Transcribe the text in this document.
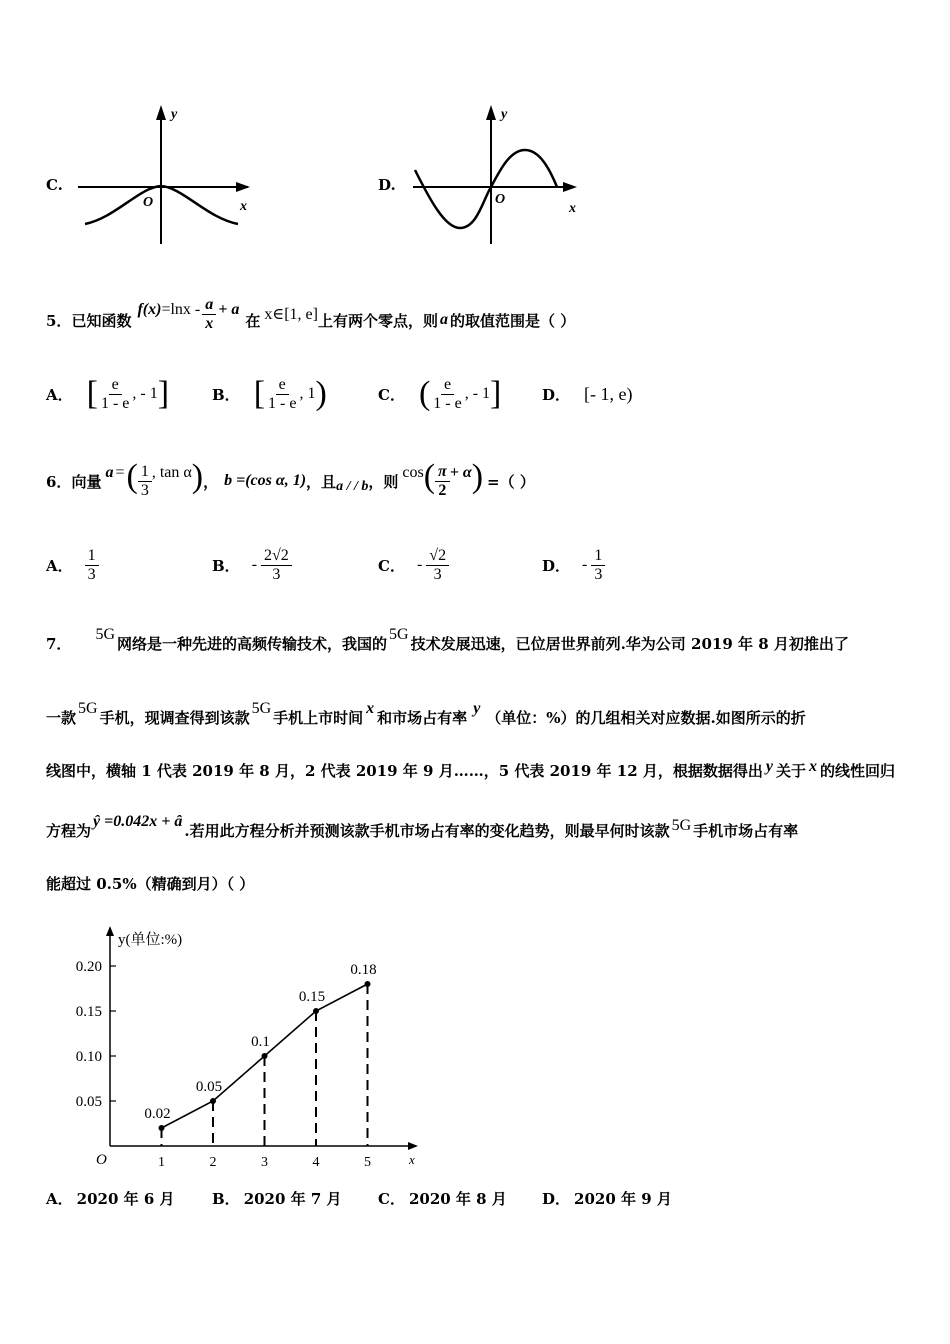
C.
y
O	x
D.
y
O
x
5． 已知函数
$f(x) =\ln x - \frac{a}{x} + a$
在 x∈[1, e] 上有两个零点，则 a 的取值范围是（ ）
A． [ $\frac{e}{1 - e}$ , - 1 ]	B． [ $\frac{e}{1 - e}$ , 1 )	C． ( $\frac{e}{1 - e}$ , - 1 ]	D． [- 1, e)
6． 向量 a = ( $\frac{1}{3}$ , tan α ) ， b =(cos α, 1) ，且 a / / b ，则 cos ( $\frac{\pi}{2} + \alpha$ ) =（ ）
A． $\frac{1}{3}$	B． - $\frac{2√2}{3}$	C． - $\frac{√2}{3}$	D． - $\frac{1}{3}$
7． 5G 网络是一种先进的高频传输技术，我国的 5G 技术发展迅速，已位居世界前列.华为公司 2019 年 8 月初推出了
一款 5G 手机，现调查得到该款 5G 手机上市时间 x 和市场占有率 y （单位：%）的几组相关对应数据.如图所示的折
线图中，横轴 1 代表 2019 年 8 月，2 代表 2019 年 9 月……，5 代表 2019 年 12 月，根据数据得出 y 关于 x 的线性回归
方程为 ŷ =0.042x + â .若用此方程分析并预测该款手机市场占有率的变化趋势，则最早何时该款 5G 手机市场占有率
能超过 0.5%（精确到月）（ ）
y(单位:%)
x
O
0.05
0.10
0.15
0.20
1	2	3	4	5
0.02
0.05
0.1
0.15
0.18
A． 2020 年 6 月	B． 2020 年 7 月 C． 2020 年 8 月 D． 2020 年 9 月
